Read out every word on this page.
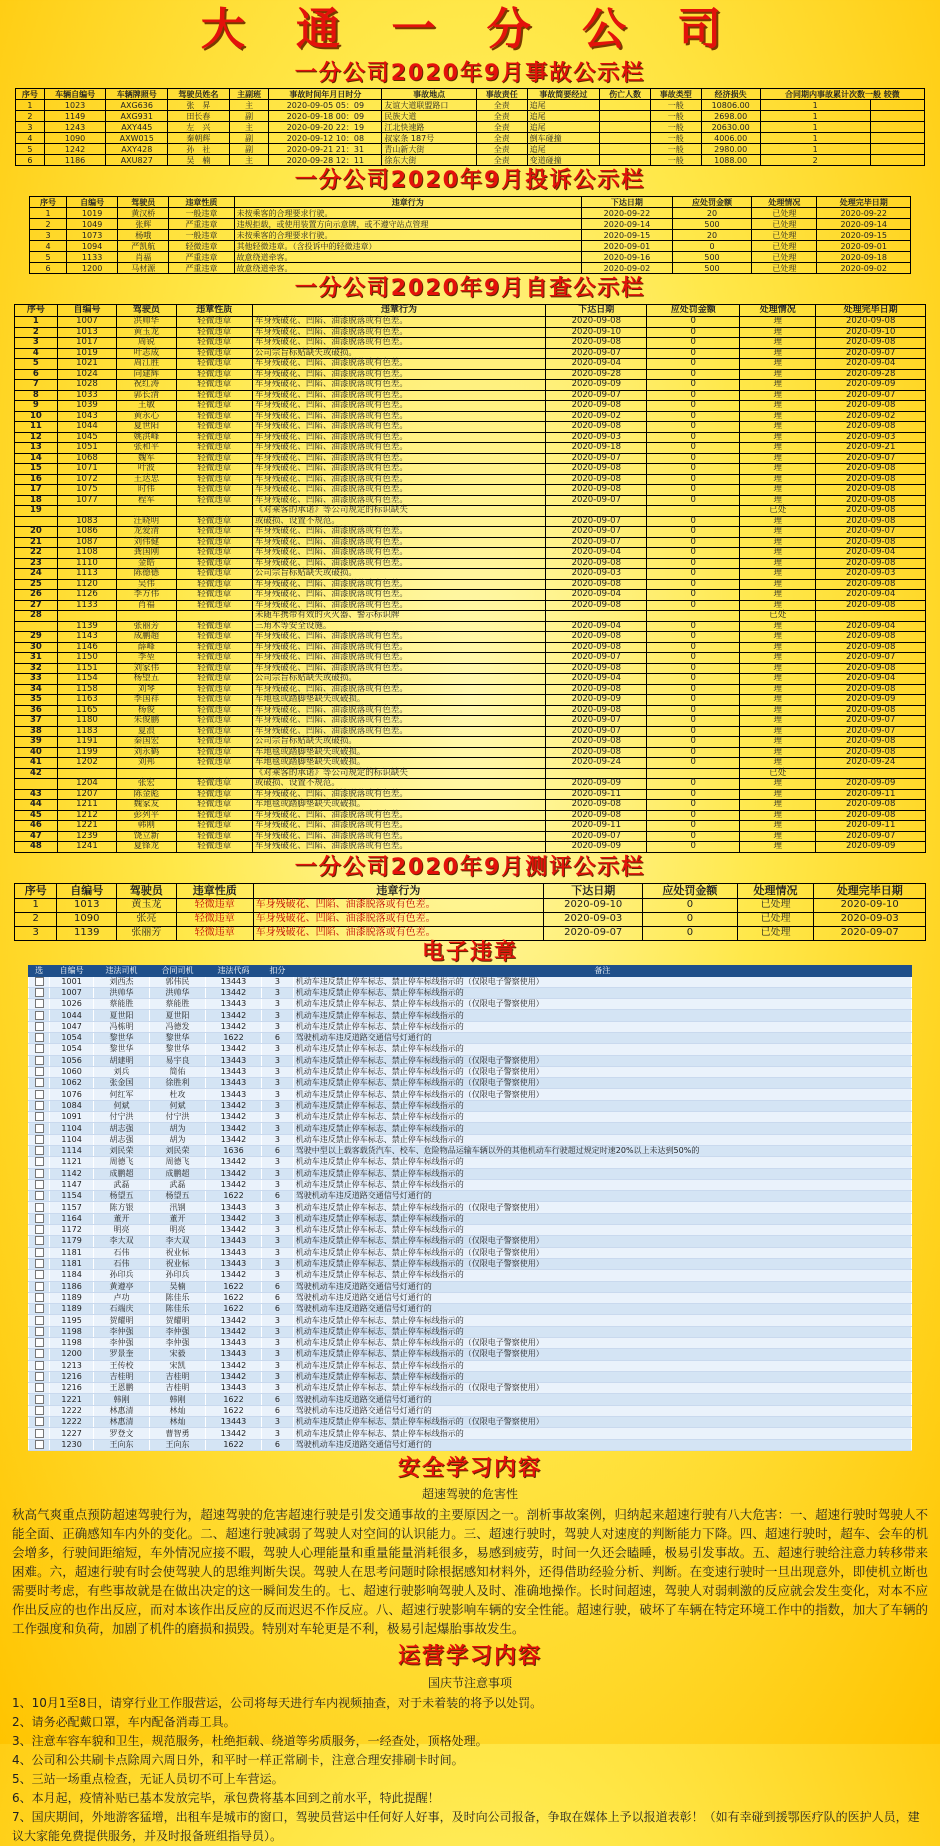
大 通 一 分 公 司
一分公司2020年9月事故公示栏
序号	车辆自编号	车辆牌照号	驾驶员姓名	主副班	事故时间年月日时分	事故地点	事故责任	事故简要经过	伤亡人数	事故类型	经济损失	合同期内事故累计次数一般 较微	
1	1023	AXG636	张　昇	主	2020-09-05 05：09	友谊大道联盟路口	全责	追尾		一般	10806.00	1	
2	1149	AXG931	田长春	副	2020-09-18 00：09	民族大道	全责	追尾		一般	2698.00	1	
3	1243	AXY445	左　兴	主	2020-09-20 22：19	江北快速路	全责	追尾		一般	20630.00	1	
4	1090	AXW015	秦朝辉	副	2020-09-12 10：08	叔家条 187号	全责	倒车碰撞		一般	4006.00	1	
5	1242	AXY428	孙　社	副	2020-09-21 21：31	青山新大街	全责	追尾		一般	2980.00	1	
6	1186	AXU827	吴　楠	主	2020-09-28 12：11	徐东大街	全责	变道碰撞		一般	1088.00	2	
一分公司2020年9月投诉公示栏
序号	自编号	驾驶员	违章性质	违章行为	下达日期	应处罚金额	处理情况	处理完毕日期
1	1019	黄汉桥	一般违章	未按乘客的合理要求行驶。	2020-09-22	20	已处理	2020-09-22
2	1049	张辉	严重违章	违规拒载，或使用装置方向示意牌，或不遵守站点管理	2020-09-14	500	已处理	2020-09-14
3	1073	杨哦	一般违章	未按乘客的合理要求行驶。	2020-09-15	20	已处理	2020-09-15
4	1094	严凯航	轻微违章	其他轻微违章。（含投诉中的轻微违章）	2020-09-01	0	已处理	2020-09-01
5	1133	肖福	严重违章	故意绕道牵客。	2020-09-16	500	已处理	2020-09-18
6	1200	马材源	严重违章	故意绕道牵客。	2020-09-02	500	已处理	2020-09-02
一分公司2020年9月自查公示栏
序号	自编号	驾驶员	违章性质	违章行为	下达日期	应处罚金额	处理情况	处理完毕日期
1	1007	洪帅华	轻微违章	车身残破花、凹陷、油漆脱落或有色差。	2020-09-08	0	理	2020-09-08
2	1013	黄玉龙	轻微违章	车身残破花、凹陷、油漆脱落或有色差。	2020-09-10	0	理	2020-09-10
3	1017	周锐	轻微违章	车身残破花、凹陷、油漆脱落或有色差。	2020-09-08	0	理	2020-09-08
4	1019	叶志成	轻微违章	公司宗旨标贴缺失或破损。	2020-09-07	0	理	2020-09-07
5	1021	周江胜	轻微违章	车身残破花、凹陷、油漆脱落或有色差。	2020-09-04	0	理	2020-09-04
6	1024	向建辉	轻微违章	车身残破花、凹陷、油漆脱落或有色差。	2020-09-28	0	理	2020-09-28
7	1028	祝红涛	轻微违章	车身残破花、凹陷、油漆脱落或有色差。	2020-09-09	0	理	2020-09-09
8	1033	郭长清	轻微违章	车身残破花、凹陷、油漆脱落或有色差。	2020-09-07	0	理	2020-09-07
9	1039	王敏	轻微违章	车身残破花、凹陷、油漆脱落或有色差。	2020-09-08	0	理	2020-09-08
10	1043	黄永心	轻微违章	车身残破花、凹陷、油漆脱落或有色差。	2020-09-02	0	理	2020-09-02
11	1044	夏世阳	轻微违章	车身残破花、凹陷、油漆脱落或有色差。	2020-09-08	0	理	2020-09-08
12	1045	姚洪峰	轻微违章	车身残破花、凹陷、油漆脱落或有色差。	2020-09-03	0	理	2020-09-03
13	1051	张和平	轻微违章	车身残破花、凹陷、油漆脱落或有色差。	2020-09-18	0	理	2020-09-21
14	1068	魏军	轻微违章	车身残破花、凹陷、油漆脱落或有色差。	2020-09-07	0	理	2020-09-07
15	1071	叶波	轻微违章	车身残破花、凹陷、油漆脱落或有色差。	2020-09-08	0	理	2020-09-08
16	1072	王达忠	轻微违章	车身残破花、凹陷、油漆脱落或有色差。	2020-09-08	0	理	2020-09-08
17	1075	时伟	轻微违章	车身残破花、凹陷、油漆脱落或有色差。	2020-09-08	0	理	2020-09-08
18	1077	程军	轻微违章	车身残破花、凹陷、油漆脱落或有色差。	2020-09-07	0	理	2020-09-08
19				《对乘客的承诺》等公司规定的标识缺失			已处	2020-09-08
	1083	汪晓明	轻微违章	或破损、设置不规范。	2020-09-07	0	理	2020-09-08
20	1086	龙爱清	轻微违章	车身残破花、凹陷、油漆脱落或有色差。	2020-09-07	0	理	2020-09-07
21	1087	刘伟健	轻微违章	车身残破花、凹陷、油漆脱落或有色差。	2020-09-07	0	理	2020-09-08
22	1108	龚国刚	轻微违章	车身残破花、凹陷、油漆脱落或有色差。	2020-09-04	0	理	2020-09-04
23	1110	金皓	轻微违章	车身残破花、凹陷、油漆脱落或有色差。	2020-09-08	0	理	2020-09-08
24	1113	陈德德	轻微违章	公司宗旨标贴缺失或破损。	2020-09-03	0	理	2020-09-03
25	1120	吴伟	轻微违章	车身残破花、凹陷、油漆脱落或有色差。	2020-09-08	0	理	2020-09-08
26	1126	李方伟	轻微违章	车身残破花、凹陷、油漆脱落或有色差。	2020-09-04	0	理	2020-09-04
27	1133	肖福	轻微违章	车身残破花、凹陷、油漆脱落或有色差。	2020-09-08	0	理	2020-09-08
28				未随车携带有效的灭火器、警示标识牌			已处	
	1139	张丽芳	轻微违章	三角木等安全设施。	2020-09-04	0	理	2020-09-04
29	1143	成鹏超	轻微违章	车身残破花、凹陷、油漆脱落或有色差。	2020-09-08	0	理	2020-09-08
30	1146	薛峰	轻微违章	车身残破花、凹陷、油漆脱落或有色差。	2020-09-08	0	理	2020-09-08
31	1150	李堃	轻微违章	车身残破花、凹陷、油漆脱落或有色差。	2020-09-07	0	理	2020-09-07
32	1151	刘家伟	轻微违章	车身残破花、凹陷、油漆脱落或有色差。	2020-09-08	0	理	2020-09-08
33	1154	杨望五	轻微违章	公司宗旨标贴缺失或破损。	2020-09-04	0	理	2020-09-04
34	1158	刘琴	轻微违章	车身残破花、凹陷、油漆脱落或有色差。	2020-09-08	0	理	2020-09-08
35	1163	李国祥	轻微违章	车地毯或踏脚垫缺失或破损。	2020-09-09	0	理	2020-09-09
36	1165	杨俊	轻微违章	车身残破花、凹陷、油漆脱落或有色差。	2020-09-08	0	理	2020-09-08
37	1180	朱俊鹏	轻微违章	车身残破花、凹陷、油漆脱落或有色差。	2020-09-07	0	理	2020-09-07
38	1183	夏浪	轻微违章	车身残破花、凹陷、油漆脱落或有色差。	2020-09-07	0	理	2020-09-07
39	1191	秦国宏	轻微违章	公司宗旨标贴缺失或破损。	2020-09-08	0	理	2020-09-08
40	1199	刘永鹤	轻微违章	车地毯或踏脚垫缺失或破损。	2020-09-08	0	理	2020-09-08
41	1202	刘邦	轻微违章	车地毯或踏脚垫缺失或破损。	2020-09-24	0	理	2020-09-24
42				《对乘客的承诺》等公司规定的标识缺失			已处	
	1204	张宏	轻微违章	或破损、设置不规范。	2020-09-09	0	理	2020-09-09
43	1207	陈金彪	轻微违章	车身残破花、凹陷、油漆脱落或有色差。	2020-09-11	0	理	2020-09-11
44	1211	魏家友	轻微违章	车地毯或踏脚垫缺失或破损。	2020-09-08	0	理	2020-09-08
45	1212	彭列平	轻微违章	车身残破花、凹陷、油漆脱落或有色差。	2020-09-08	0	理	2020-09-08
46	1221	韩刚	轻微违章	车身残破花、凹陷、油漆脱落或有色差。	2020-09-11	0	理	2020-09-11
47	1239	饶立新	轻微违章	车身残破花、凹陷、油漆脱落或有色差。	2020-09-07	0	理	2020-09-07
48	1241	夏锋龙	轻微违章	车身残破花、凹陷、油漆脱落或有色差。	2020-09-09	0	理	2020-09-09
一分公司2020年9月测评公示栏
序号	自编号	驾驶员	违章性质	违章行为	下达日期	应处罚金额	处理情况	处理完毕日期
1	1013	黄玉龙	轻微违章	车身残破花、凹陷、油漆脱落或有色差。	2020-09-10	0	已处理	2020-09-10
2	1090	张亮	轻微违章	车身残破花、凹陷、油漆脱落或有色差。	2020-09-03	0	已处理	2020-09-03
3	1139	张丽芳	轻微违章	车身残破花、凹陷、油漆脱落或有色差。	2020-09-07	0	已处理	2020-09-07
电子违章
选	自编号	违法司机	合同司机	违法代码	扣分	备注
	1001	刘西杰	郭伟民	13443	3	机动车违反禁止停车标志、禁止停车标线指示的（仅限电子警察使用）
	1007	洪帅华	洪帅华	13442	3	机动车违反禁止停车标志、禁止停车标线指示的
	1026	蔡能胜	蔡能胜	13443	3	机动车违反禁止停车标志、禁止停车标线指示的（仅限电子警察使用）
	1044	夏世阳	夏世阳	13442	3	机动车违反禁止停车标志、禁止停车标线指示的
	1047	冯栋明	冯德发	13442	3	机动车违反禁止停车标志、禁止停车标线指示的
	1054	黎世华	黎世华	1622	6	驾驶机动车违反道路交通信号灯通行的
	1054	黎世华	黎世华	13442	3	机动车违反禁止停车标志、禁止停车标线指示的
	1056	胡建明	易宇良	13443	3	机动车违反禁止停车标志、禁止停车标线指示的（仅限电子警察使用）
	1060	刘兵	简佑	13443	3	机动车违反禁止停车标志、禁止停车标线指示的（仅限电子警察使用）
	1062	张金国	徐胜利	13443	3	机动车违反禁止停车标志、禁止停车标线指示的（仅限电子警察使用）
	1076	何红军	杜攻	13443	3	机动车违反禁止停车标志、禁止停车标线指示的（仅限电子警察使用）
	1084	何斌	何斌	13442	3	机动车违反禁止停车标志、禁止停车标线指示的
	1091	付宁洪	付宁洪	13442	3	机动车违反禁止停车标志、禁止停车标线指示的
	1104	胡志强	胡为	13442	3	机动车违反禁止停车标志、禁止停车标线指示的
	1104	胡志强	胡为	13442	3	机动车违反禁止停车标志、禁止停车标线指示的
	1114	刘民荣	刘民荣	1636	6	驾驶中型以上载客载货汽车、校车、危险物品运输车辆以外的其他机动车行驶超过规定时速20%以上未达到50%的
	1121	周德飞	周德飞	13442	3	机动车违反禁止停车标志、禁止停车标线指示的
	1142	成鹏超	成鹏超	13442	3	机动车违反禁止停车标志、禁止停车标线指示的
	1147	武磊	武磊	13442	3	机动车违反禁止停车标志、禁止停车标线指示的
	1154	杨望五	杨望五	1622	6	驾驶机动车违反道路交通信号灯通行的
	1157	陈方银	汛钢	13443	3	机动车违反禁止停车标志、禁止停车标线指示的（仅限电子警察使用）
	1164	董开	董开	13442	3	机动车违反禁止停车标志、禁止停车标线指示的
	1172	明亮	明亮	13442	3	机动车违反禁止停车标志、禁止停车标线指示的
	1179	李大双	李大双	13443	3	机动车违反禁止停车标志、禁止停车标线指示的（仅限电子警察使用）
	1181	石伟	祝业标	13443	3	机动车违反禁止停车标志、禁止停车标线指示的（仅限电子警察使用）
	1181	石伟	祝业标	13443	3	机动车违反禁止停车标志、禁止停车标线指示的（仅限电子警察使用）
	1184	孙印兵	孙印兵	13442	3	机动车违反禁止停车标志、禁止停车标线指示的
	1186	黄遵亭	吴楠	1622	6	驾驶机动车违反道路交通信号灯通行的
	1189	卢功	陈佳乐	1622	6	驾驶机动车违反道路交通信号灯通行的
	1189	石端庆	陈佳乐	1622	6	驾驶机动车违反道路交通信号灯通行的
	1195	贺耀明	贺耀明	13442	3	机动车违反禁止停车标志、禁止停车标线指示的
	1198	李仲强	李仲强	13442	3	机动车违反禁止停车标志、禁止停车标线指示的
	1198	李仲强	李仲强	13443	3	机动车违反禁止停车标志、禁止停车标线指示的（仅限电子警察使用）
	1200	罗景奎	宋毅	13443	3	机动车违反禁止停车标志、禁止停车标线指示的（仅限电子警察使用）
	1213	王传校	宋凯	13442	3	机动车违反禁止停车标志、禁止停车标线指示的
	1216	吉桂明	吉桂明	13442	3	机动车违反禁止停车标志、禁止停车标线指示的
	1216	王恩鹏	吉桂明	13443	3	机动车违反禁止停车标志、禁止停车标线指示的（仅限电子警察使用）
	1221	韩刚	韩刚	1622	6	驾驶机动车违反道路交通信号灯通行的
	1222	林惠清	林灿	1622	6	驾驶机动车违反道路交通信号灯通行的
	1222	林惠清	林灿	13443	3	机动车违反禁止停车标志、禁止停车标线指示的（仅限电子警察使用）
	1227	罗登文	曹智勇	13442	3	机动车违反禁止停车标志、禁止停车标线指示的
	1230	王向东	王向东	1622	6	驾驶机动车违反道路交通信号灯通行的
安全学习内容
超速驾驶的危害性
秋高气爽重点预防超速驾驶行为，超速驾驶的危害超速行驶是引发交通事故的主要原因之一。剖析事故案例，归纳起来超速行驶有八大危害：一、超速行驶时驾驶人不能全面、正确感知车内外的变化。二、超速行驶减弱了驾驶人对空间的认识能力。三、超速行驶时，驾驶人对速度的判断能力下降。四、超速行驶时，超车、会车的机会增多，行驶间距缩短，车外情况应接不暇，驾驶人心理能量和重量能量消耗很多，易感到疲劳，时间一久还会瞌睡，极易引发事故。五、超速行驶给注意力转移带来困难。六，超速行驶有时会使驾驶人的思维判断失误。驾驶人在思考问题时除根据感知材料外，还得借助经验分析、判断。在变速行驶时一旦出现意外，即使机立断也需要时考虑，有些事故就是在做出决定的这一瞬间发生的。七、超速行驶影响驾驶人及时、准确地操作。长时间超速，驾驶人对弱刺激的反应就会发生变化，对本不应作出反应的也作出反应，而对本该作出反应的反而迟迟不作反应。八、超速行驶影响车辆的安全性能。超速行驶，破坏了车辆在特定环境工作中的指数，加大了车辆的工作强度和负荷，加剧了机件的磨损和损毁。特别对车轮更是不利，极易引起爆胎事故发生。
运营学习内容
国庆节注意事项
1、10月1至8日，请穿行业工作服营运，公司将每天进行车内视频抽查，对于未着装的将予以处罚。
2、请务必配戴口罩，车内配备消毒工具。
3、注意车容车貌和卫生，规范服务，杜绝拒载、绕道等劣质服务，一经查处，顶格处理。
4、公司和公共刷卡点除周六周日外，和平时一样正常刷卡，注意合理安排刷卡时间。
5、三站一场重点检查，无证人员切不可上车营运。
6、本月起，疫情补贴已基本发放完毕，承包费将基本回到之前水平，特此提醒！
7、国庆期间，外地游客猛增，出租车是城市的窗口，驾驶员营运中任何好人好事，及时向公司报备，争取在媒体上予以报道表彰！（如有幸碰到援鄂医疗队的医护人员，建议大家能免费提供服务，并及时报备班组指导员）。
